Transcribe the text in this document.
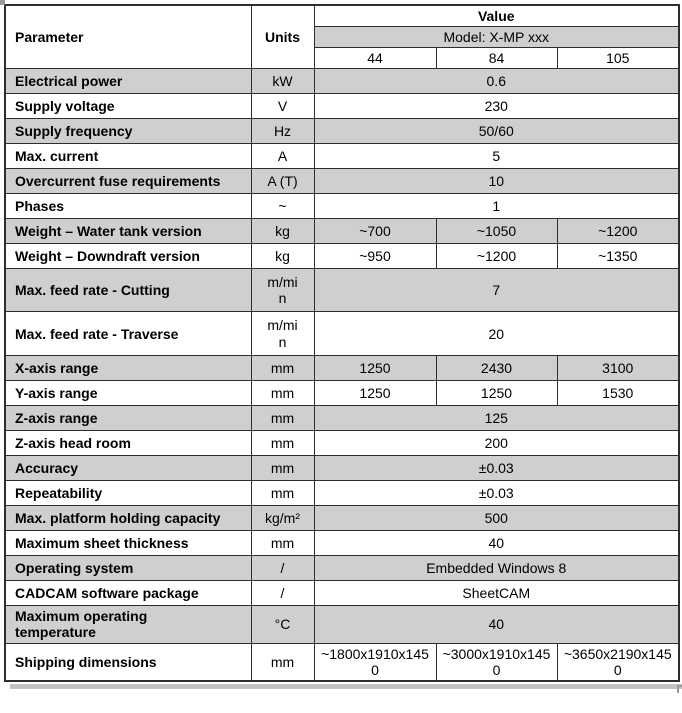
Parameter	Units	Value		
		Model: X-MP xxx		
		44	84	105
Electrical power	kW	0.6		
Supply voltage	V	230		
Supply frequency	Hz	50/60		
Max. current	A	5		
Overcurrent fuse requirements	A (T)	10		
Phases	~	1		
Weight – Water tank version	kg	~700	~1050	~1200
Weight – Downdraft version	kg	~950	~1200	~1350
Max. feed rate - Cutting	m/min	7		
Max. feed rate - Traverse	m/min	20		
X-axis range	mm	1250	2430	3100
Y-axis range	mm	1250	1250	1530
Z-axis range	mm	125		
Z-axis head room	mm	200		
Accuracy	mm	±0.03		
Repeatability	mm	±0.03		
Max. platform holding capacity	kg/m²	500		
Maximum sheet thickness	mm	40		
Operating system	/	Embedded Windows 8		
CADCAM software package	/	SheetCAM		
Maximum operating temperature	°C	40		
Shipping dimensions	mm	~1800x1910x1450	~3000x1910x1450	~3650x2190x1450
